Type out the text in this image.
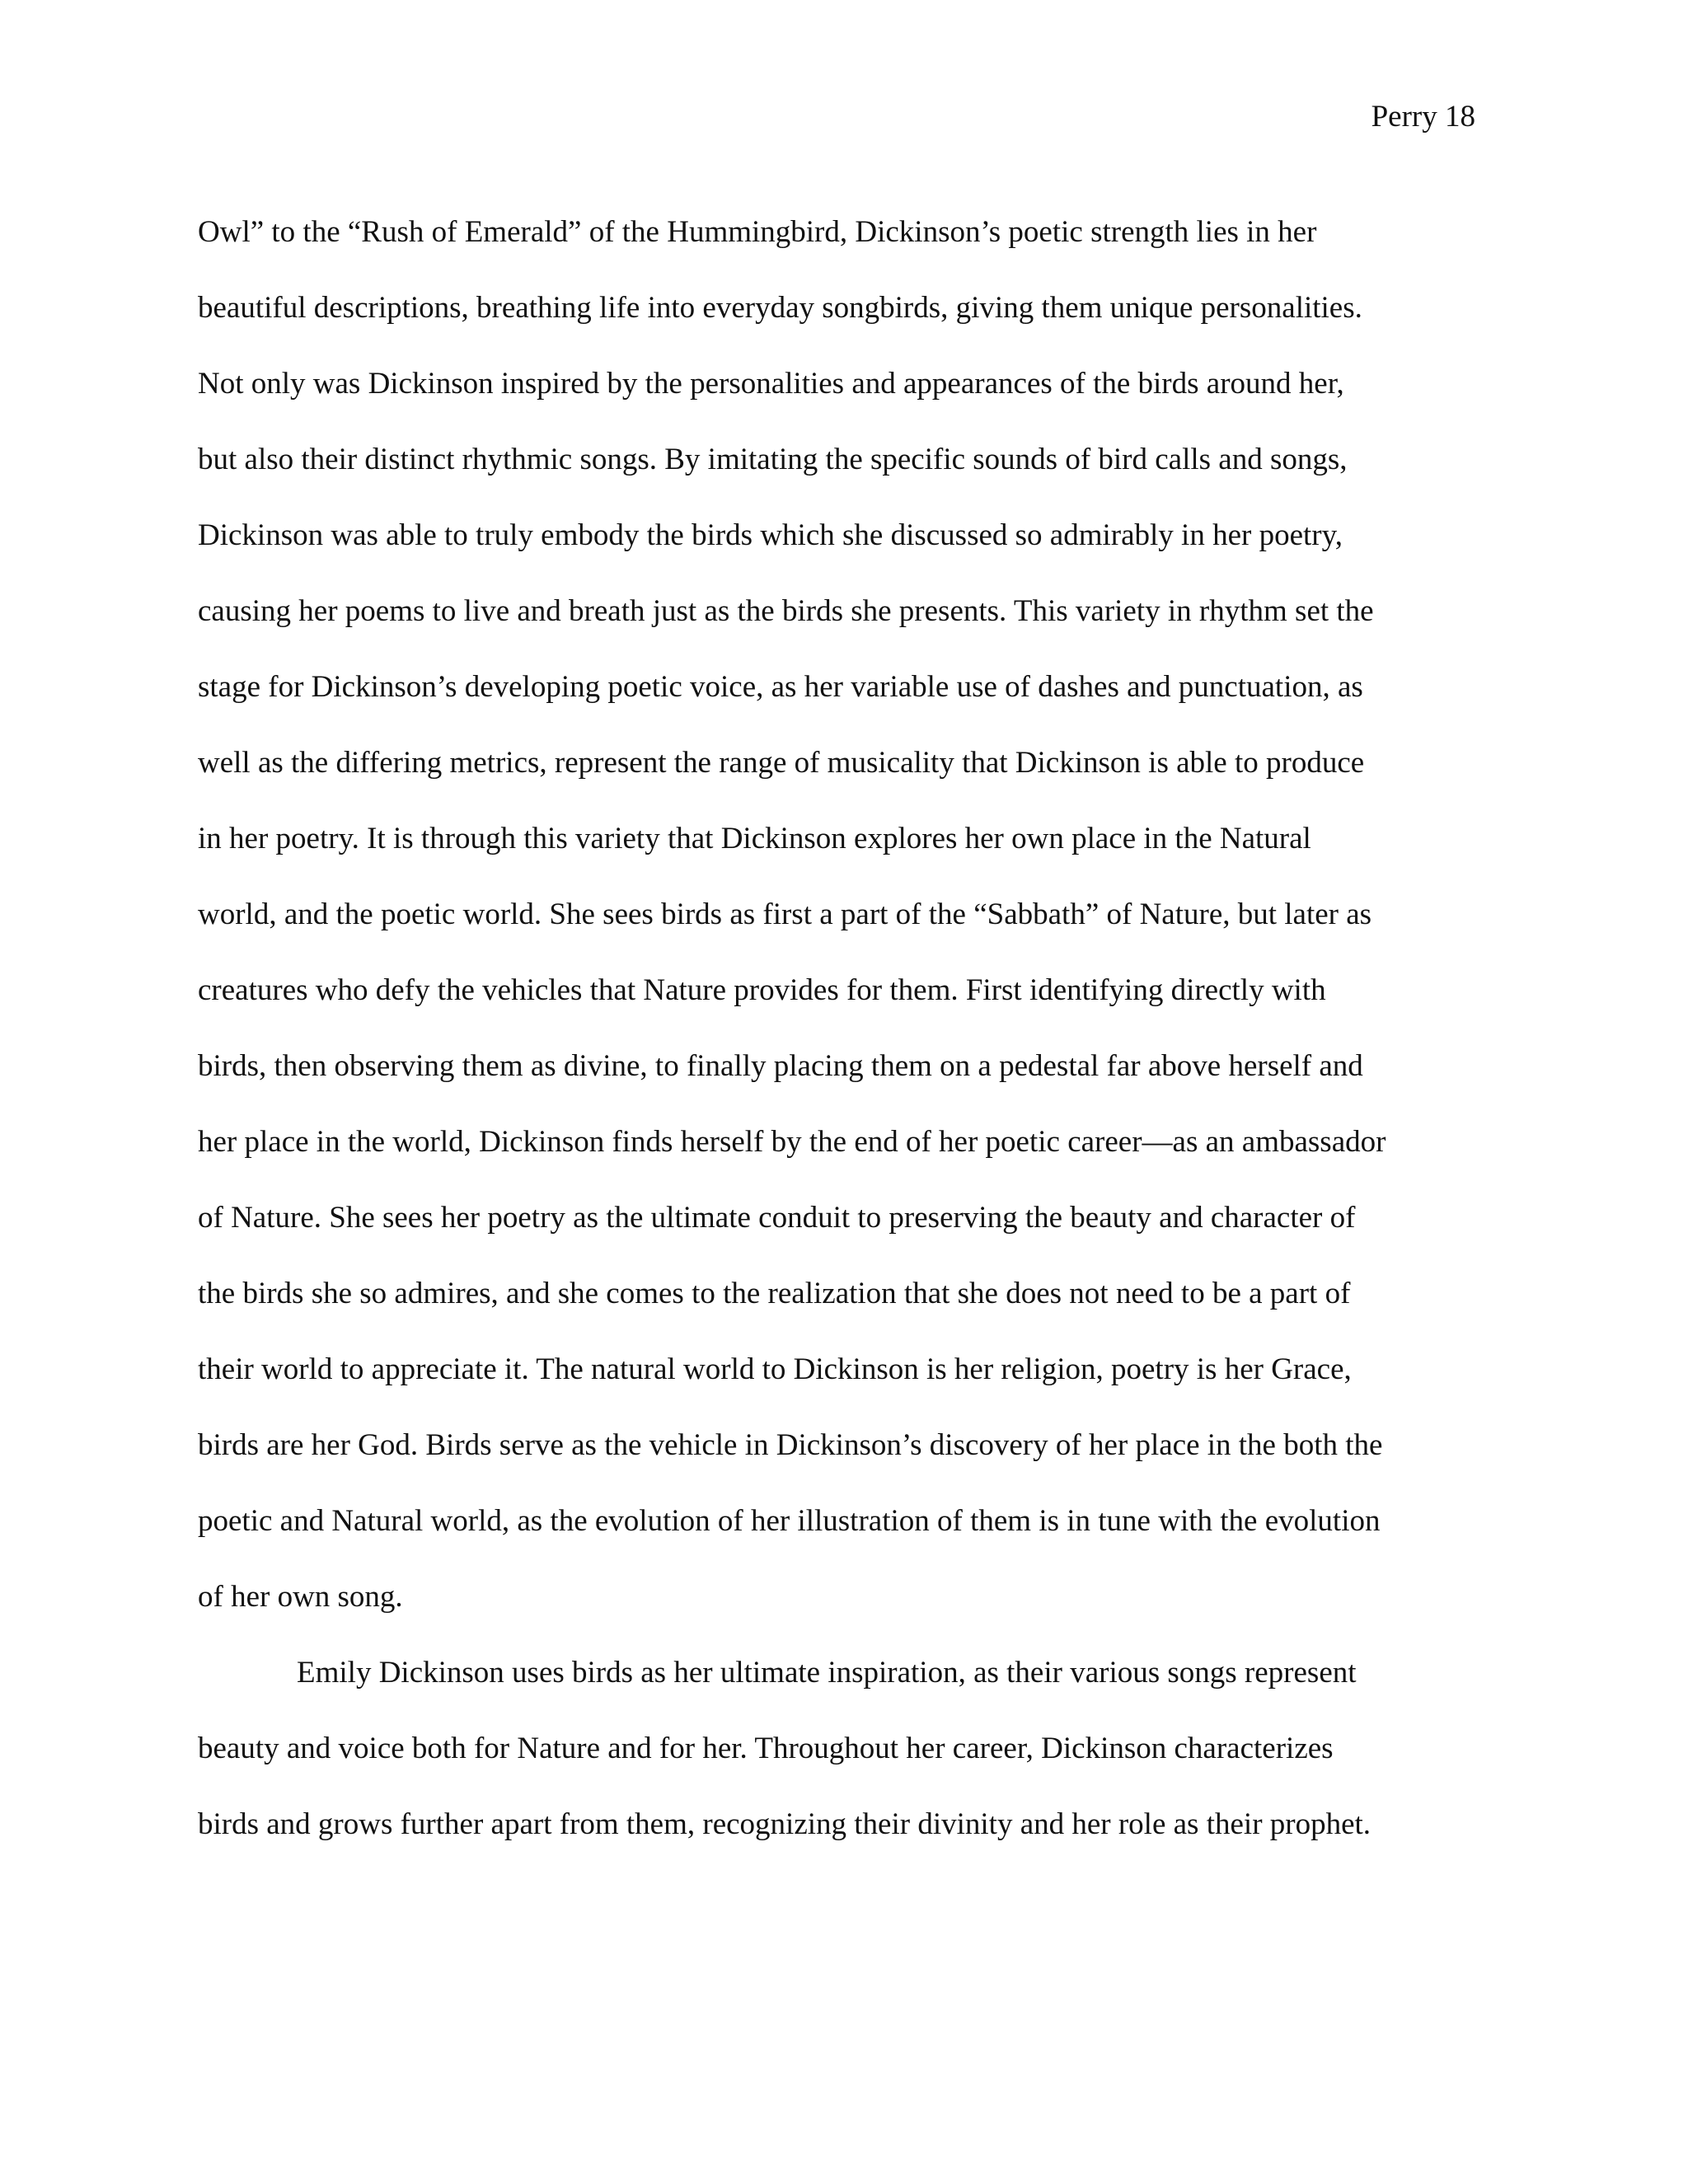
Perry 18
Owl” to the “Rush of Emerald” of the Hummingbird, Dickinson’s poetic strength lies in her
beautiful descriptions, breathing life into everyday songbirds, giving them unique personalities.
Not only was Dickinson inspired by the personalities and appearances of the birds around her,
but also their distinct rhythmic songs. By imitating the specific sounds of bird calls and songs,
Dickinson was able to truly embody the birds which she discussed so admirably in her poetry,
causing her poems to live and breath just as the birds she presents. This variety in rhythm set the
stage for Dickinson’s developing poetic voice, as her variable use of dashes and punctuation, as
well as the differing metrics, represent the range of musicality that Dickinson is able to produce
in her poetry. It is through this variety that Dickinson explores her own place in the Natural
world, and the poetic world. She sees birds as first a part of the “Sabbath” of Nature, but later as
creatures who defy the vehicles that Nature provides for them. First identifying directly with
birds, then observing them as divine, to finally placing them on a pedestal far above herself and
her place in the world, Dickinson finds herself by the end of her poetic career—as an ambassador
of Nature. She sees her poetry as the ultimate conduit to preserving the beauty and character of
the birds she so admires, and she comes to the realization that she does not need to be a part of
their world to appreciate it. The natural world to Dickinson is her religion, poetry is her Grace,
birds are her God. Birds serve as the vehicle in Dickinson’s discovery of her place in the both the
poetic and Natural world, as the evolution of her illustration of them is in tune with the evolution
of her own song.
Emily Dickinson uses birds as her ultimate inspiration, as their various songs represent
beauty and voice both for Nature and for her. Throughout her career, Dickinson characterizes
birds and grows further apart from them, recognizing their divinity and her role as their prophet.
